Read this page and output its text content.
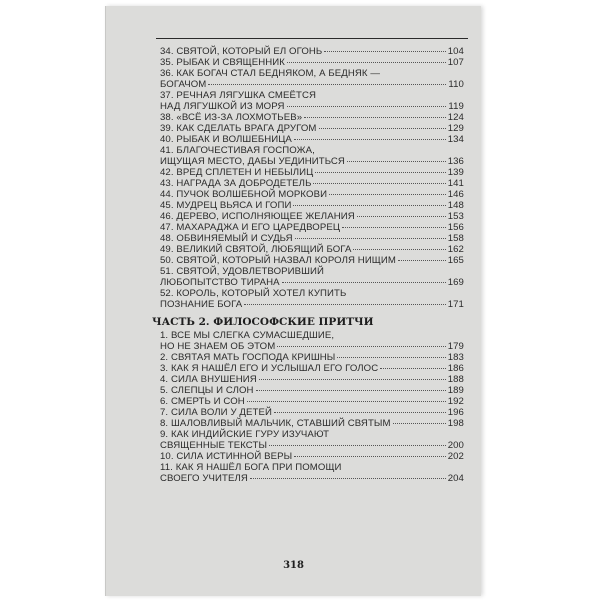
34. СВЯТОЙ, КОТОРЫЙ ЕЛ ОГОНЬ	104
35. РЫБАК И СВЯЩЕННИК	107
36. КАК БОГАЧ СТАЛ БЕДНЯКОМ, А БЕДНЯК —
БОГАЧОМ	110
37. РЕЧНАЯ ЛЯГУШКА СМЕЁТСЯ
НАД ЛЯГУШКОЙ ИЗ МОРЯ	119
38. «ВСЁ ИЗ-ЗА ЛОХМОТЬЕВ»	124
39. КАК СДЕЛАТЬ ВРАГА ДРУГОМ	129
40. РЫБАК И ВОЛШЕБНИЦА	134
41. БЛАГОЧЕСТИВАЯ ГОСПОЖА,
ИЩУЩАЯ МЕСТО, ДАБЫ УЕДИНИТЬСЯ	136
42. ВРЕД СПЛЕТЕН И НЕБЫЛИЦ	139
43. НАГРАДА ЗА ДОБРОДЕТЕЛЬ	141
44. ПУЧОК ВОЛШЕБНОЙ МОРКОВИ	146
45. МУДРЕЦ ВЬЯСА И ГОПИ	148
46. ДЕРЕВО, ИСПОЛНЯЮЩЕЕ ЖЕЛАНИЯ	153
47. МАХАРАДЖА И ЕГО ЦАРЕДВОРЕЦ	156
48. ОБВИНЯЕМЫЙ И СУДЬЯ	158
49. ВЕЛИКИЙ СВЯТОЙ, ЛЮБЯЩИЙ БОГА	162
50. СВЯТОЙ, КОТОРЫЙ НАЗВАЛ КОРОЛЯ НИЩИМ	165
51. СВЯТОЙ, УДОВЛЕТВОРИВШИЙ
ЛЮБОПЫТСТВО ТИРАНА	169
52. КОРОЛЬ, КОТОРЫЙ ХОТЕЛ КУПИТЬ
ПОЗНАНИЕ БОГА	171
ЧАСТЬ 2. ФИЛОСОФСКИЕ ПРИТЧИ
1. ВСЕ МЫ СЛЕГКА СУМАСШЕДШИЕ,
НО НЕ ЗНАЕМ ОБ ЭТОМ	179
2. СВЯТАЯ МАТЬ ГОСПОДА КРИШНЫ	183
3. КАК Я НАШЁЛ ЕГО И УСЛЫШАЛ ЕГО ГОЛОС	186
4. СИЛА ВНУШЕНИЯ	188
5. СЛЕПЦЫ И СЛОН	189
6. СМЕРТЬ И СОН	192
7. СИЛА ВОЛИ У ДЕТЕЙ	196
8. ШАЛОВЛИВЫЙ МАЛЬЧИК, СТАВШИЙ СВЯТЫМ	198
9. КАК ИНДИЙСКИЕ ГУРУ ИЗУЧАЮТ
СВЯЩЕННЫЕ ТЕКСТЫ	200
10. СИЛА ИСТИННОЙ ВЕРЫ	202
11. КАК Я НАШЁЛ БОГА ПРИ ПОМОЩИ
СВОЕГО УЧИТЕЛЯ	204
318
